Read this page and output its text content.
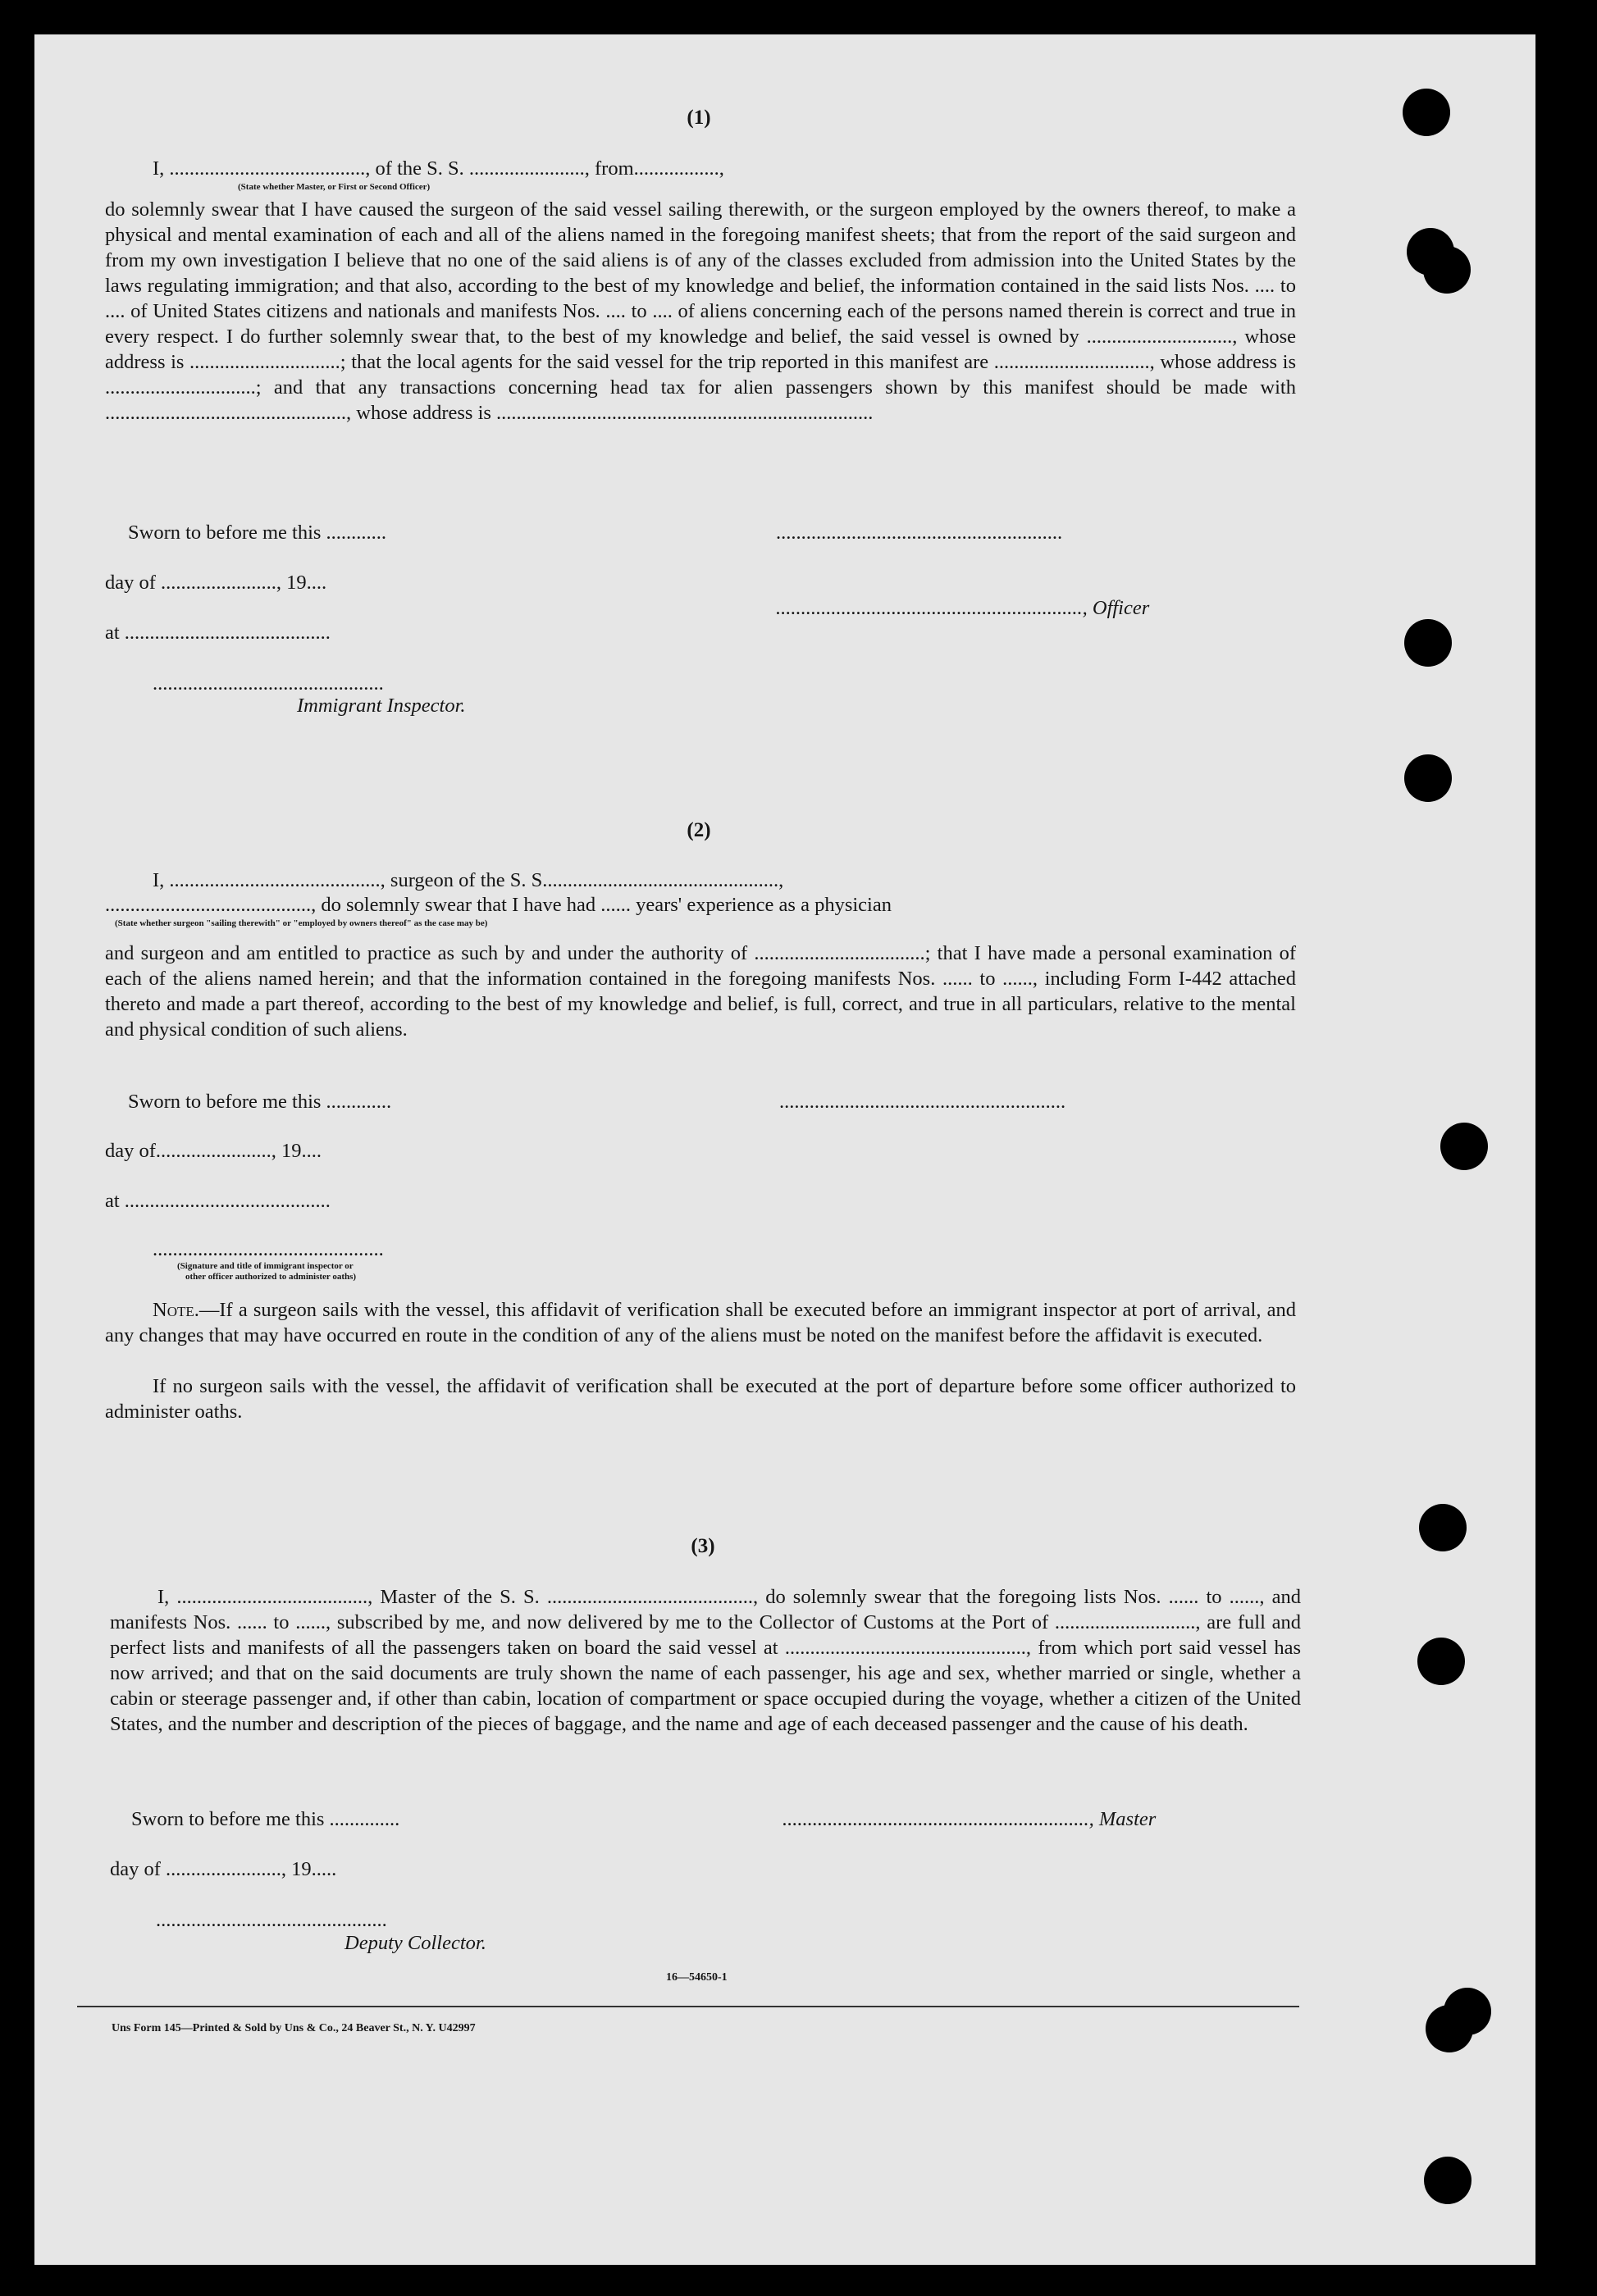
(1)
I, ......................................., of the S. S. ......................., from.................,
(State whether Master, or First or Second Officer)

do solemnly swear that I have caused the surgeon of the said vessel sailing therewith, or the surgeon employed by the owners thereof, to make a physical and mental examination of each and all of the aliens named in the foregoing manifest sheets; that from the report of the said surgeon and from my own investigation I believe that no one of the said aliens is of any of the classes excluded from admission into the United States by the laws regulating immigration; and that also, according to the best of my knowledge and belief, the information contained in the said lists Nos. .... to .... of United States citizens and nationals and manifests Nos. .... to .... of aliens concerning each of the persons named therein is correct and true in every respect. I do further solemnly swear that, to the best of my knowledge and belief, the said vessel is owned by ............................., whose address is ..............................; that the local agents for the said vessel for the trip reported in this manifest are ..............................., whose address is ..............................; and that any transactions concerning head tax for alien passengers shown by this manifest should be made with ................................................, whose address is ...........................................................................

Sworn to before me this ............
day of ......................., 19....
at .........................................
..............................................
Immigrant Inspector.
.........................................................
............................................................., Officer
(2)
I, .........................................., surgeon of the S. S...............................................,
........................................., do solemnly swear that I have had ...... years' experience as a physician
(State whether surgeon "sailing therewith" or "employed by owners thereof" as the case may be)

and surgeon and am entitled to practice as such by and under the authority of ..................................; that I have made a personal examination of each of the aliens named herein; and that the information contained in the foregoing manifests Nos. ...... to ......, including Form I-442 attached thereto and made a part thereof, according to the best of my knowledge and belief, is full, correct, and true in all particulars, relative to the mental and physical condition of such aliens.

Sworn to before me this .............
day of......................., 19....
at .........................................
..............................................
(Signature and title of immigrant inspector or
other officer authorized to administer oaths)
.........................................................

Note.—If a surgeon sails with the vessel, this affidavit of verification shall be executed before an immigrant inspector at port of arrival, and any changes that may have occurred en route in the condition of any of the aliens must be noted on the manifest before the affidavit is executed.

If no surgeon sails with the vessel, the affidavit of verification shall be executed at the port of departure before some officer authorized to administer oaths.

(3)

I, ......................................, Master of the S. S. ........................................., do solemnly swear that the foregoing lists Nos. ...... to ......, and manifests Nos. ...... to ......, subscribed by me, and now delivered by me to the Collector of Customs at the Port of ............................, are full and perfect lists and manifests of all the passengers taken on board the said vessel at ................................................, from which port said vessel has now arrived; and that on the said documents are truly shown the name of each passenger, his age and sex, whether married or single, whether a cabin or steerage passenger and, if other than cabin, location of compartment or space occupied during the voyage, whether a citizen of the United States, and the number and description of the pieces of baggage, and the name and age of each deceased passenger and the cause of his death.

Sworn to before me this ..............
day of ......................., 19.....
..............................................
Deputy Collector.
............................................................., Master
16—54650-1
Uns Form 145—Printed & Sold by Uns & Co., 24 Beaver St., N. Y. U42997
